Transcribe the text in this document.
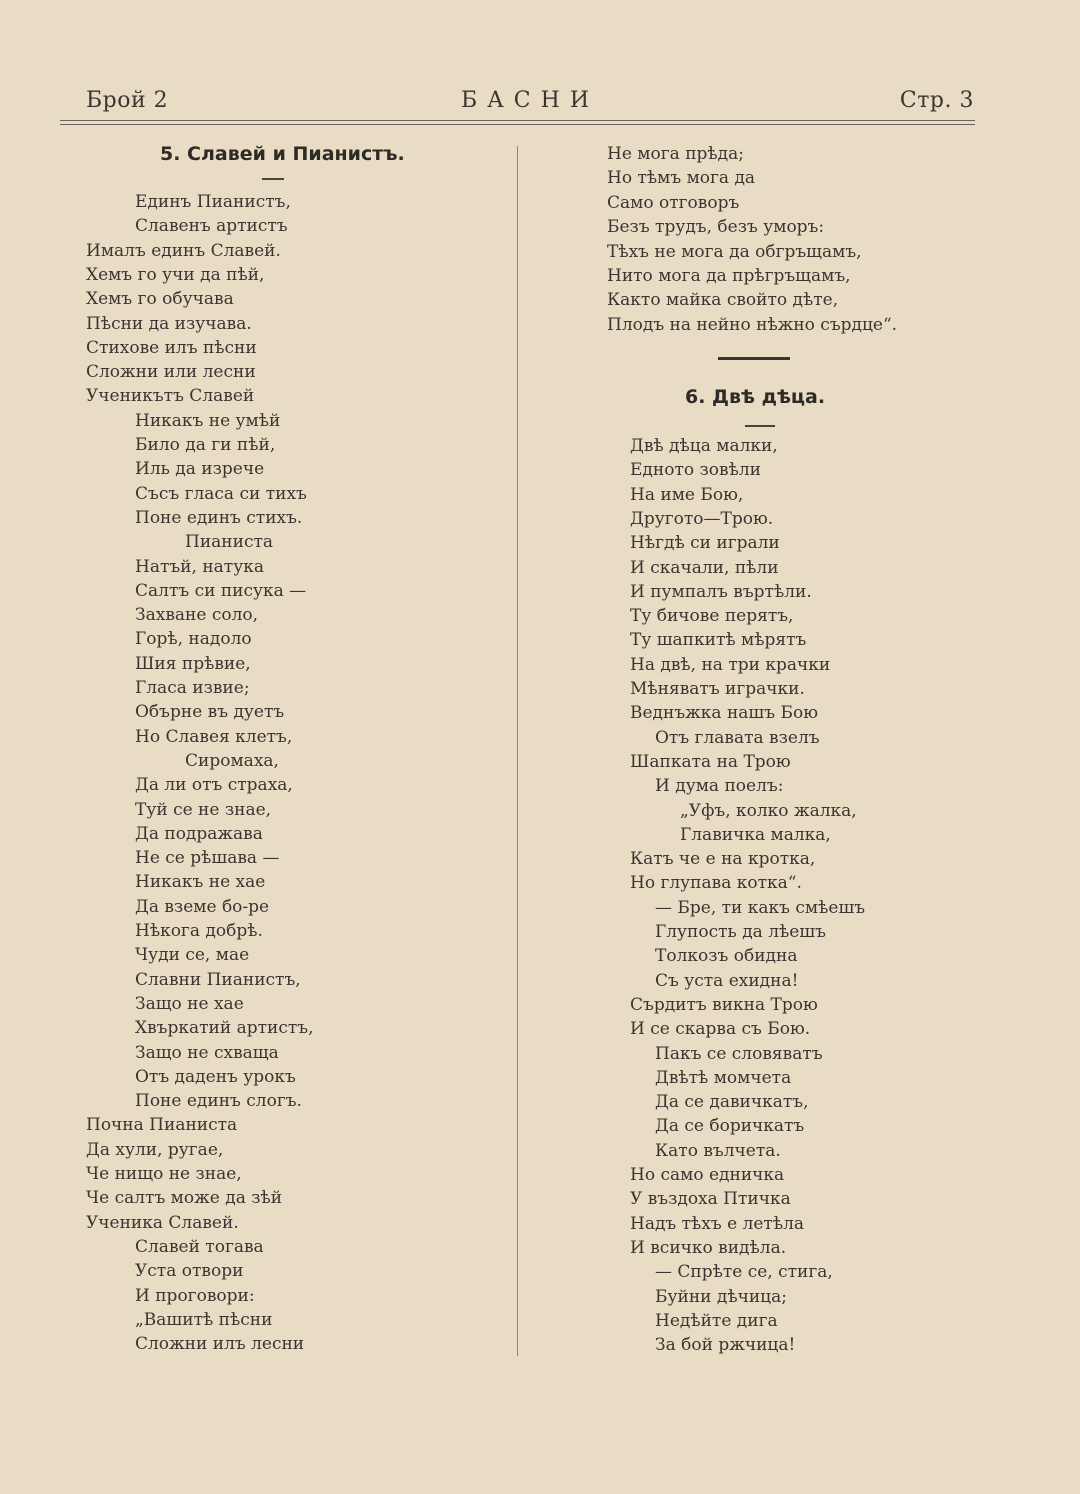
Брой 2	БАСНИ	Стр. 3
5. Славей и Пианистъ.
Единъ Пианистъ,
Славенъ артистъ
Ималъ единъ Славей.
Хемъ го учи да пѣй,
Хемъ го обучава
Пѣсни да изучава.
Стихове илъ пѣсни
Сложни или лесни
Ученикътъ Славей
Никакъ не умѣй
Било да ги пѣй,
Иль да изрече
Съсъ гласа си тихъ
Поне единъ стихъ.
Пианиста
Натъй, натука
Салтъ си писука —
Захване соло,
Горѣ, надоло
Шия прѣвие,
Гласа извие;
Обърне въ дуетъ
Но Славея клетъ,
Сиромаха,
Да ли отъ страха,
Туй се не знае,
Да подражава
Не се рѣшава —
Никакъ не хае
Да вземе бо-ре
Нѣкога добрѣ.
Чуди се, мае
Славни Пианистъ,
Защо не хае
Хвъркатий артистъ,
Защо не схваща
Отъ даденъ урокъ
Поне единъ слогъ.
Почна Пианиста
Да хули, ругае,
Че нищо не знае,
Че салтъ може да зѣй
Ученика Славей.
Славей тогава
Уста отвори
И проговори:
„Вашитѣ пѣсни
Сложни илъ лесни
Не мога прѣда;
Но тѣмъ мога да
Само отговоръ
Безъ трудъ, безъ уморъ:
Тѣхъ не мога да обгръщамъ,
Нито мога да прѣгръщамъ,
Както майка свойто дѣте,
Плодъ на нейно нѣжно сърдце“.
6. Двѣ дѣца.
Двѣ дѣца малки,
Едното зовѣли
На име Бою,
Другото—Трою.
Нѣгдѣ си играли
И скачали, пѣли
И пумпалъ въртѣли.
Ту бичове перятъ,
Ту шапкитѣ мѣрятъ
На двѣ, на три крачки
Мѣняватъ играчки.
Веднъжка нашъ Бою
Отъ главата взелъ
Шапката на Трою
И дума поелъ:
„Уфъ, колко жалка,
Главичка малка,
Катъ че е на кротка,
Но глупава котка“.
— Бре, ти какъ смѣешъ
Глупость да лѣешъ
Толкозъ обидна
Съ уста ехидна!
Сърдитъ викна Трою
И се скарва съ Бою.
Пакъ се словяватъ
Двѣтѣ момчета
Да се давичкатъ,
Да се боричкатъ
Като вълчета.
Но само едничка
У въздоха Птичка
Надъ тѣхъ е летѣла
И всичко видѣла.
— Спрѣте се, стига,
Буйни дѣчица;
Недѣйте дига
За бой ржчица!
